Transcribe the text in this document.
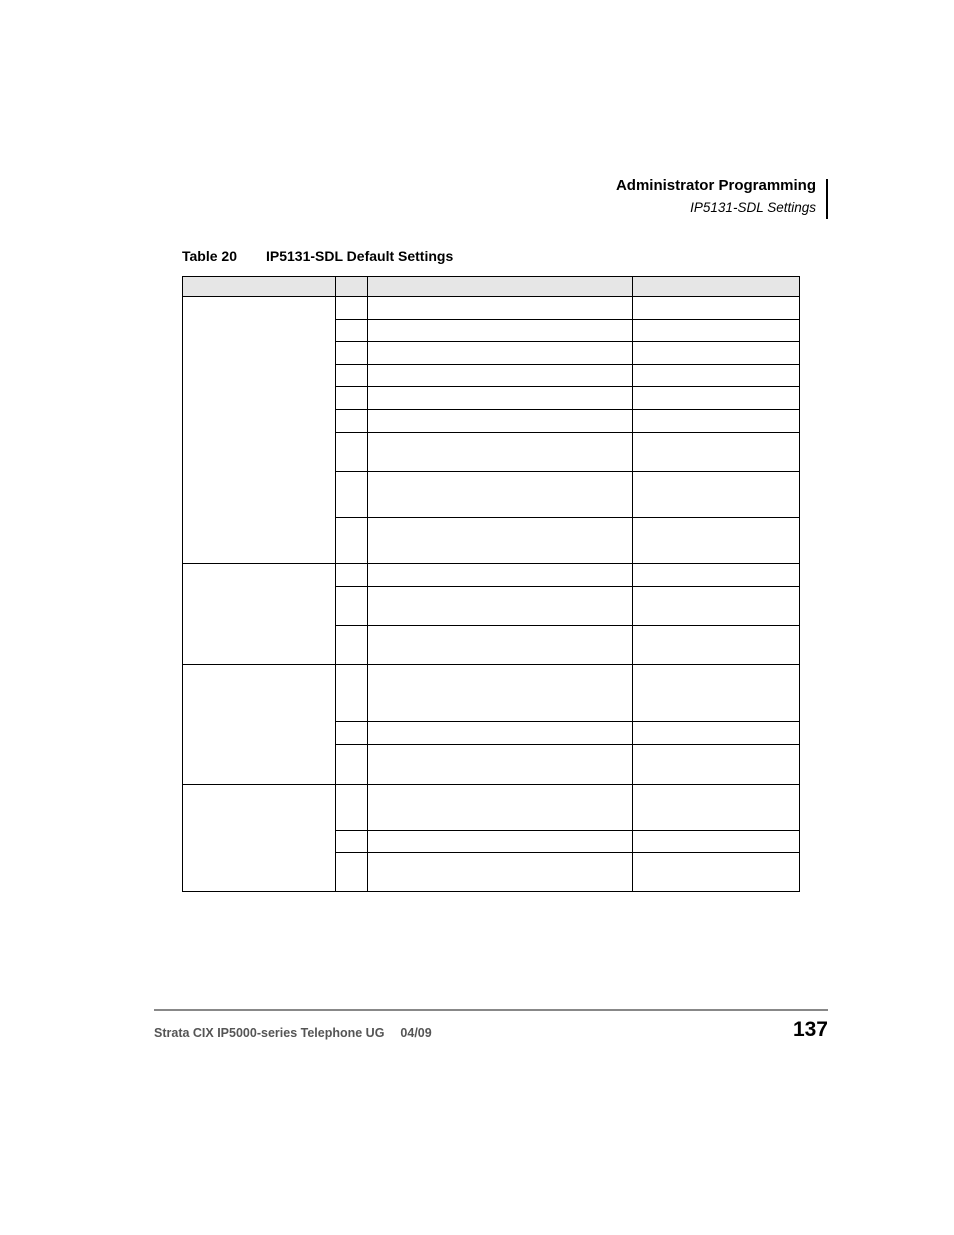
Administrator Programming
IP5131-SDL Settings
Table 20 IP5131-SDL Default Settings

Strata CIX IP5000-series Telephone UG 04/09	137
